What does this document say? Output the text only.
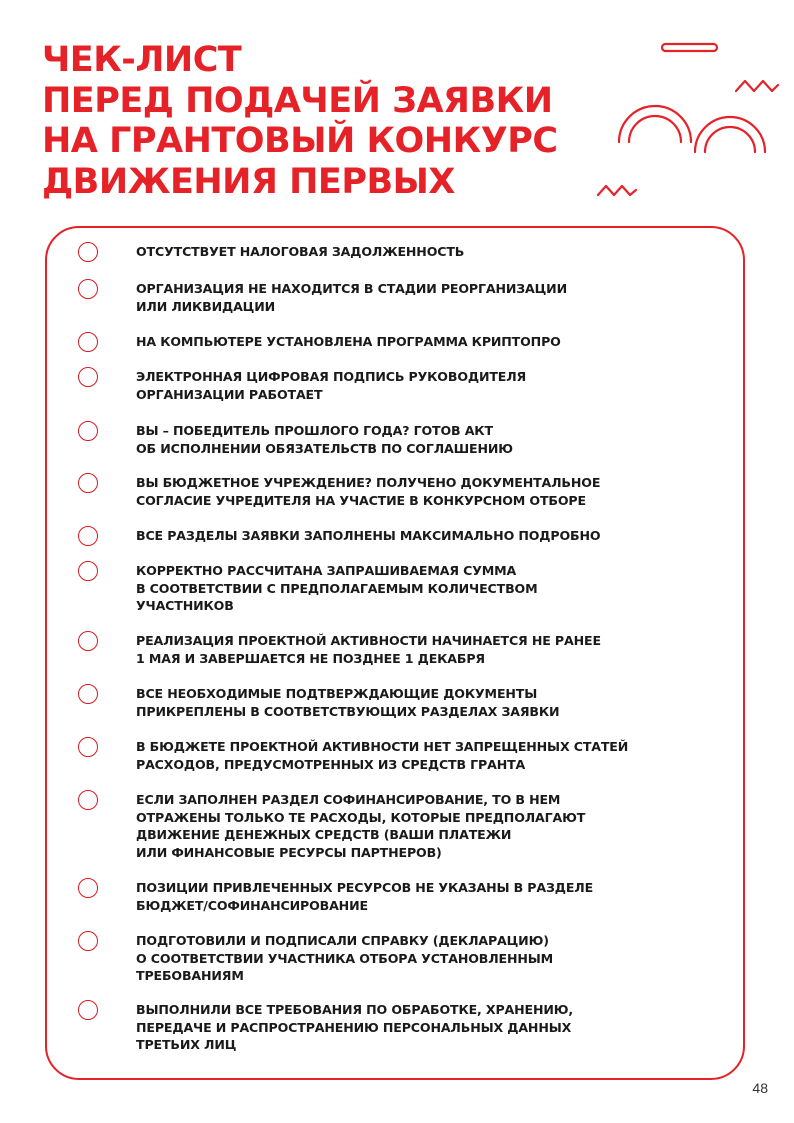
ЧЕК-ЛИСТ
ПЕРЕД ПОДАЧЕЙ ЗАЯВКИ
НА ГРАНТОВЫЙ КОНКУРС
ДВИЖЕНИЯ ПЕРВЫХ
ОТСУТСТВУЕТ НАЛОГОВАЯ ЗАДОЛЖЕННОСТЬ
ОРГАНИЗАЦИЯ НЕ НАХОДИТСЯ В СТАДИИ РЕОРГАНИЗАЦИИ
ИЛИ ЛИКВИДАЦИИ
НА КОМПЬЮТЕРЕ УСТАНОВЛЕНА ПРОГРАММА КРИПТОПРО
ЭЛЕКТРОННАЯ ЦИФРОВАЯ ПОДПИСЬ РУКОВОДИТЕЛЯ
ОРГАНИЗАЦИИ РАБОТАЕТ
ВЫ – ПОБЕДИТЕЛЬ ПРОШЛОГО ГОДА? ГОТОВ АКТ
ОБ ИСПОЛНЕНИИ ОБЯЗАТЕЛЬСТВ ПО СОГЛАШЕНИЮ
ВЫ БЮДЖЕТНОЕ УЧРЕЖДЕНИЕ? ПОЛУЧЕНО ДОКУМЕНТАЛЬНОЕ
СОГЛАСИЕ УЧРЕДИТЕЛЯ НА УЧАСТИЕ В КОНКУРСНОМ ОТБОРЕ
ВСЕ РАЗДЕЛЫ ЗАЯВКИ ЗАПОЛНЕНЫ МАКСИМАЛЬНО ПОДРОБНО
КОРРЕКТНО РАССЧИТАНА ЗАПРАШИВАЕМАЯ СУММА
В СООТВЕТСТВИИ С ПРЕДПОЛАГАЕМЫМ КОЛИЧЕСТВОМ
УЧАСТНИКОВ
РЕАЛИЗАЦИЯ ПРОЕКТНОЙ АКТИВНОСТИ НАЧИНАЕТСЯ НЕ РАНЕЕ
1 МАЯ И ЗАВЕРШАЕТСЯ НЕ ПОЗДНЕЕ 1 ДЕКАБРЯ
ВСЕ НЕОБХОДИМЫЕ ПОДТВЕРЖДАЮЩИЕ ДОКУМЕНТЫ
ПРИКРЕПЛЕНЫ В СООТВЕТСТВУЮЩИХ РАЗДЕЛАХ ЗАЯВКИ
В БЮДЖЕТЕ ПРОЕКТНОЙ АКТИВНОСТИ НЕТ ЗАПРЕЩЕННЫХ СТАТЕЙ
РАСХОДОВ, ПРЕДУСМОТРЕННЫХ ИЗ СРЕДСТВ ГРАНТА
ЕСЛИ ЗАПОЛНЕН РАЗДЕЛ СОФИНАНСИРОВАНИЕ, ТО В НЕМ
ОТРАЖЕНЫ ТОЛЬКО ТЕ РАСХОДЫ, КОТОРЫЕ ПРЕДПОЛАГАЮТ
ДВИЖЕНИЕ ДЕНЕЖНЫХ СРЕДСТВ (ВАШИ ПЛАТЕЖИ
ИЛИ ФИНАНСОВЫЕ РЕСУРСЫ ПАРТНЕРОВ)
ПОЗИЦИИ ПРИВЛЕЧЕННЫХ РЕСУРСОВ НЕ УКАЗАНЫ В РАЗДЕЛЕ
БЮДЖЕТ/СОФИНАНСИРОВАНИЕ
ПОДГОТОВИЛИ И ПОДПИСАЛИ СПРАВКУ (ДЕКЛАРАЦИЮ)
О СООТВЕТСТВИИ УЧАСТНИКА ОТБОРА УСТАНОВЛЕННЫМ
ТРЕБОВАНИЯМ
ВЫПОЛНИЛИ ВСЕ ТРЕБОВАНИЯ ПО ОБРАБОТКЕ, ХРАНЕНИЮ,
ПЕРЕДАЧЕ И РАСПРОСТРАНЕНИЮ ПЕРСОНАЛЬНЫХ ДАННЫХ
ТРЕТЬИХ ЛИЦ
48
